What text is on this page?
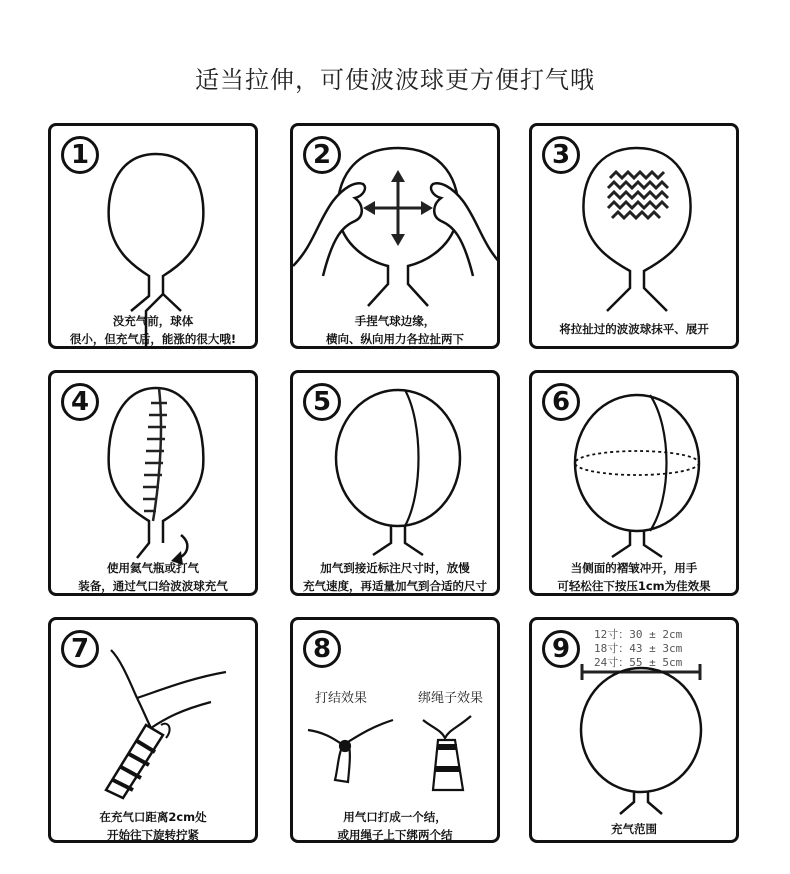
适当拉伸，可使波波球更方便打气哦
1
没充气前，球体
很小，但充气后，能涨的很大哦!
2
手捏气球边缘，
横向、纵向用力各拉扯两下
3
将拉扯过的波波球抹平、展开
4
使用氦气瓶或打气
装备，通过气口给波波球充气
5
加气到接近标注尺寸时，放慢
充气速度，再适量加气到合适的尺寸
6
当侧面的褶皱冲开，用手
可轻松往下按压1cm为佳效果
7
在充气口距离2cm处
开始往下旋转拧紧
打结效果	绑绳子效果
8
用气口打成一个结，
或用绳子上下绑两个结
12寸：30 ± 2cm
18寸：43 ± 3cm
24寸：55 ± 5cm
9
充气范围
